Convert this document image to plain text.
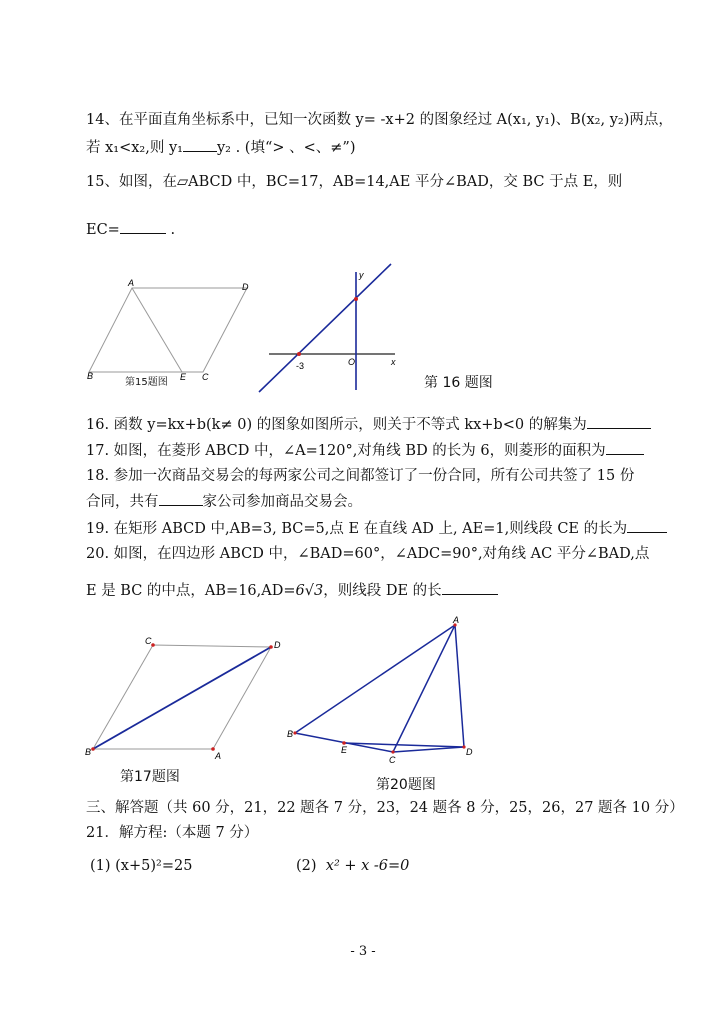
14、在平面直角坐标系中，已知一次函数 y= -x+2 的图象经过 A(x₁, y₁)、B(x₂, y₂)两点，
若 x₁<x₂,则 y₁ y₂ . (填“> 、<、≠”)
15、如图，在▱ABCD 中，BC=17，AB=14,AE 平分∠BAD，交 BC 于点 E，则
EC=	.
A	D
B	E C
第15题图
y
x
O
-3
第 16 题图
16. 函数 y=kx+b(k≠ 0) 的图象如图所示，则关于不等式 kx+b<0 的解集为
17. 如图，在菱形 ABCD 中，∠A=120°,对角线 BD 的长为 6，则菱形的面积为
18. 参加一次商品交易会的每两家公司之间都签订了一份合同，所有公司共签了 15 份
合同，共有	家公司参加商品交易会。
19. 在矩形 ABCD 中,AB=3, BC=5,点 E 在直线 AD 上, AE=1,则线段 CE 的长为
20. 如图，在四边形 ABCD 中，∠BAD=60°，∠ADC=90°,对角线 AC 平分∠BAD,点
E 是 BC 的中点，AB=16,AD=6√3，则线段 DE 的长
C	D
B	A
第17题图
A
B
E
C
D
第20题图
三、解答题（共 60 分，21，22 题各 7 分，23，24 题各 8 分，25，26，27 题各 10 分）
21．解方程:（本题 7 分）
(1) (x+5)²=25	(2) x² + x -6=0
- 3 -
